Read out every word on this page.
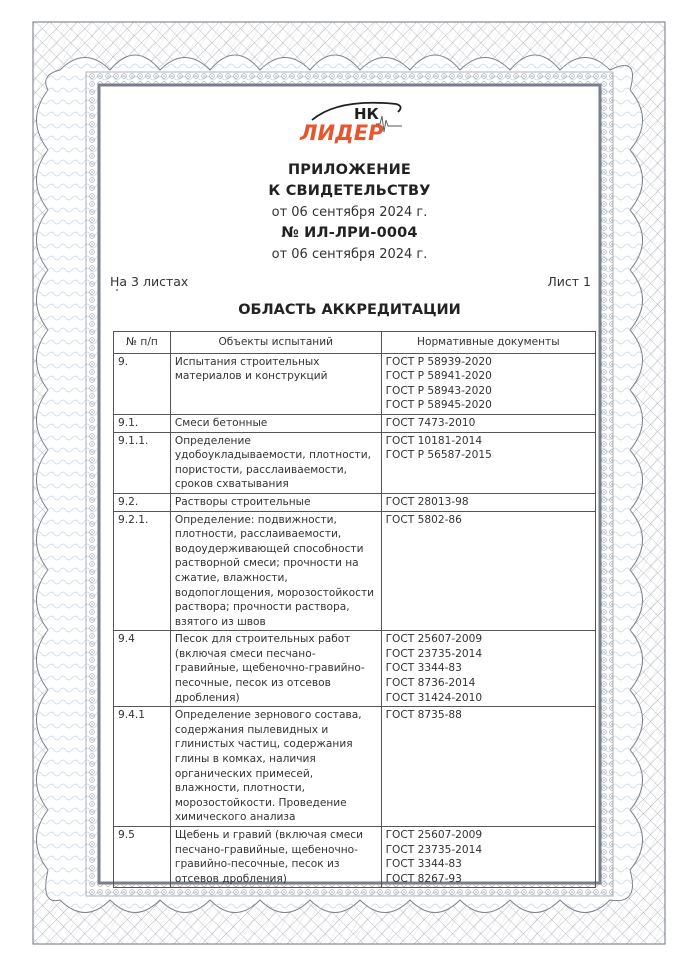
НК
ЛИДЕР
ПРИЛОЖЕНИЕ
К СВИДЕТЕЛЬСТВУ
от 06 сентября 2024 г.
№ ИЛ-ЛРИ-0004
от 06 сентября 2024 г.
На 3 листах	Лист 1
ОБЛАСТЬ АККРЕДИТАЦИИ
№ п/п	Объекты испытаний	Нормативные документы
9.	Испытания строительных материалов и конструкций	ГОСТ Р 58939-2020
ГОСТ Р 58941-2020
ГОСТ Р 58943-2020
ГОСТ Р 58945-2020

9.1.	Смеси бетонные	ГОСТ 7473-2010

9.1.1.	Определение удобоукладываемости, плотности, пористости, расслаиваемости, сроков схватывания	ГОСТ 10181-2014
ГОСТ Р 56587-2015

9.2.	Растворы строительные	ГОСТ 28013-98

9.2.1.	Определение: подвижности, плотности, расслаиваемости, водоудерживающей способности растворной смеси; прочности на сжатие, влажности, водопоглощения, морозостойкости раствора; прочности раствора, взятого из швов	ГОСТ 5802-86

9.4	Песок для строительных работ (включая смеси песчано-гравийные, щебеночно-гравийно-песочные, песок из отсевов дробления)	ГОСТ 25607-2009
ГОСТ 23735-2014
ГОСТ 3344-83
ГОСТ 8736-2014
ГОСТ 31424-2010

9.4.1	Определение зернового состава, содержания пылевидных и глинистых частиц, содержания глины в комках, наличия органических примесей, влажности, плотности, морозостойкости. Проведение химического анализа	ГОСТ 8735-88

9.5	Щебень и гравий (включая смеси песчано-гравийные, щебеночно-гравийно-песочные, песок из отсевов дробления)	ГОСТ 25607-2009
ГОСТ 23735-2014
ГОСТ 3344-83
ГОСТ 8267-93
